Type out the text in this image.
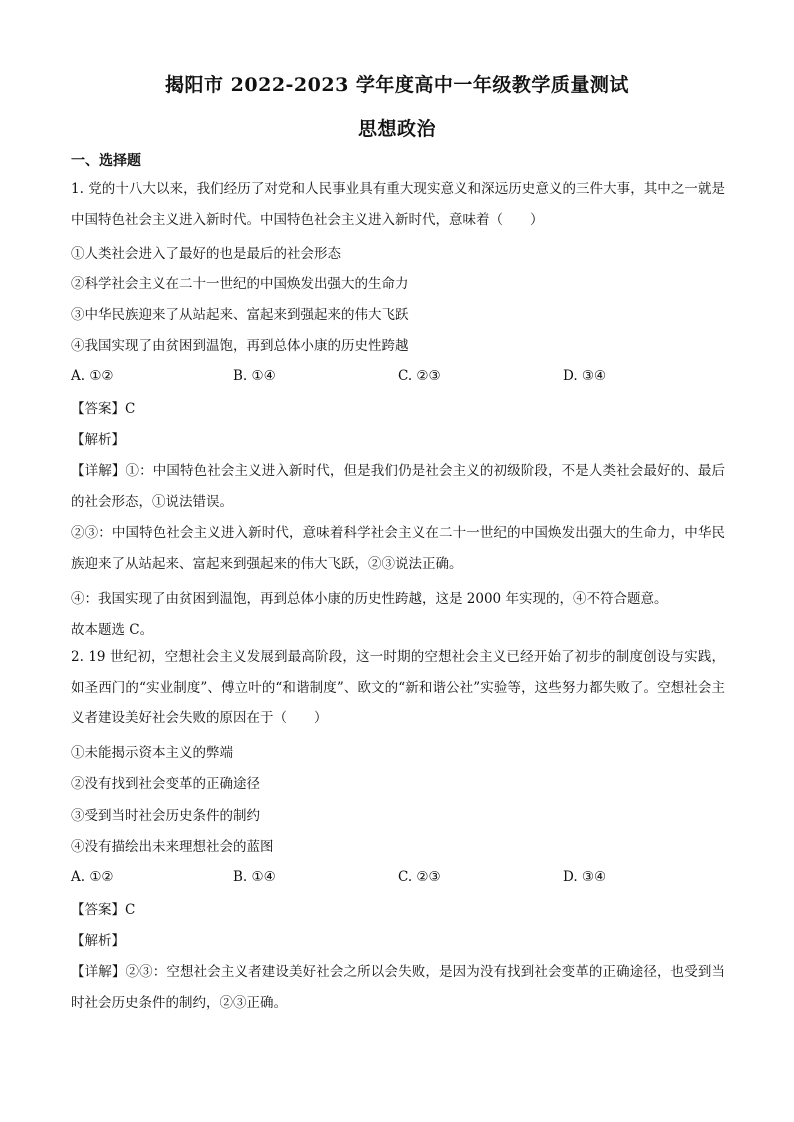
揭阳市 2022-2023 学年度高中一年级教学质量测试
思想政治
一、选择题
1. 党的十八大以来，我们经历了对党和人民事业具有重大现实意义和深远历史意义的三件大事，其中之一就是中国特色社会主义进入新时代。中国特色社会主义进入新时代，意味着（　　）
①人类社会进入了最好的也是最后的社会形态
②科学社会主义在二十一世纪的中国焕发出强大的生命力
③中华民族迎来了从站起来、富起来到强起来的伟大飞跃
④我国实现了由贫困到温饱，再到总体小康的历史性跨越
A. ①②	B. ①④	C. ②③	D. ③④
【答案】C
【解析】
【详解】①：中国特色社会主义进入新时代，但是我们仍是社会主义的初级阶段，不是人类社会最好的、最后的社会形态，①说法错误。
②③：中国特色社会主义进入新时代，意味着科学社会主义在二十一世纪的中国焕发出强大的生命力，中华民族迎来了从站起来、富起来到强起来的伟大飞跃，②③说法正确。
④：我国实现了由贫困到温饱，再到总体小康的历史性跨越，这是 2000 年实现的，④不符合题意。
故本题选 C。
2. 19 世纪初，空想社会主义发展到最高阶段，这一时期的空想社会主义已经开始了初步的制度创设与实践，如圣西门的“实业制度”、傅立叶的“和谐制度”、欧文的“新和谐公社”实验等，这些努力都失败了。空想社会主义者建设美好社会失败的原因在于（　　）
①未能揭示资本主义的弊端
②没有找到社会变革的正确途径
③受到当时社会历史条件的制约
④没有描绘出未来理想社会的蓝图
A. ①②	B. ①④	C. ②③	D. ③④
【答案】C
【解析】
【详解】②③：空想社会主义者建设美好社会之所以会失败，是因为没有找到社会变革的正确途径，也受到当时社会历史条件的制约，②③正确。
